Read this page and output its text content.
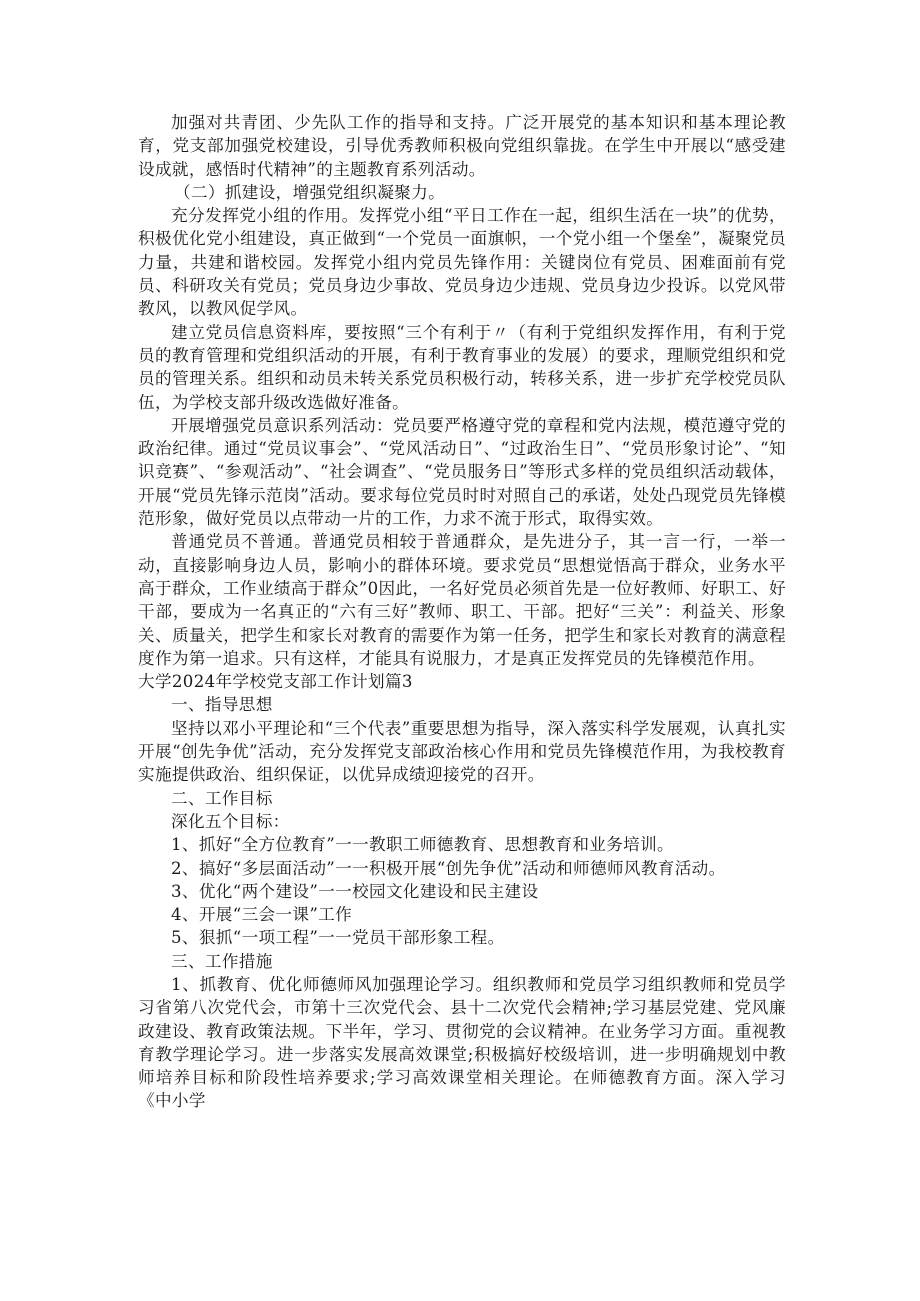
加强对共青团、少先队工作的指导和支持。广泛开展党的基本知识和基本理论教育，党支部加强党校建设，引导优秀教师积极向党组织靠拢。在学生中开展以“感受建设成就，感悟时代精神”的主题教育系列活动。

（二）抓建设，增强党组织凝聚力。

充分发挥党小组的作用。发挥党小组“平日工作在一起，组织生活在一块”的优势，积极优化党小组建设，真正做到“一个党员一面旗帜，一个党小组一个堡垒”，凝聚党员力量，共建和谐校园。发挥党小组内党员先锋作用：关键岗位有党员、困难面前有党员、科研攻关有党员；党员身边少事故、党员身边少违规、党员身边少投诉。以党风带教风，以教风促学风。

建立党员信息资料库，要按照“三个有利于〃（有利于党组织发挥作用，有利于党员的教育管理和党组织活动的开展，有利于教育事业的发展）的要求，理顺党组织和党员的管理关系。组织和动员未转关系党员积极行动，转移关系，进一步扩充学校党员队伍，为学校支部升级改选做好准备。

开展增强党员意识系列活动：党员要严格遵守党的章程和党内法规，模范遵守党的政治纪律。通过“党员议事会”、“党风活动日”、“过政治生日”、“党员形象讨论”、“知识竞赛”、“参观活动”、“社会调查”、“党员服务日”等形式多样的党员组织活动载体，开展“党员先锋示范岗”活动。要求每位党员时时对照自己的承诺，处处凸现党员先锋模范形象，做好党员以点带动一片的工作，力求不流于形式，取得实效。

普通党员不普通。普通党员相较于普通群众，是先进分子，其一言一行，一举一动，直接影响身边人员，影响小的群体环境。要求党员“思想觉悟高于群众，业务水平高于群众，工作业绩高于群众”0因此，一名好党员必须首先是一位好教师、好职工、好干部，要成为一名真正的“六有三好”教师、职工、干部。把好“三关”：利益关、形象关、质量关，把学生和家长对教育的需要作为第一任务，把学生和家长对教育的满意程度作为第一追求。只有这样，才能具有说服力，才是真正发挥党员的先锋模范作用。

大学2024年学校党支部工作计划篇3

一、指导思想

坚持以邓小平理论和“三个代表”重要思想为指导，深入落实科学发展观，认真扎实开展“创先争优”活动，充分发挥党支部政治核心作用和党员先锋模范作用，为我校教育实施提供政治、组织保证，以优异成绩迎接党的召开。

二、工作目标

深化五个目标：

1、抓好“全方位教育”一一教职工师德教育、思想教育和业务培训。

2、搞好“多层面活动”一一积极开展“创先争优”活动和师德师风教育活动。

3、优化“两个建设”一一校园文化建设和民主建设

4、开展“三会一课”工作

5、狠抓“一项工程”一一党员干部形象工程。

三、工作措施

1、抓教育、优化师德师风加强理论学习。组织教师和党员学习组织教师和党员学习省第八次党代会，市第十三次党代会、县十二次党代会精神;学习基层党建、党风廉政建设、教育政策法规。下半年，学习、贯彻党的会议精神。在业务学习方面。重视教育教学理论学习。进一步落实发展高效课堂;积极搞好校级培训，进一步明确规划中教师培养目标和阶段性培养要求;学习高效课堂相关理论。在师德教育方面。深入学习《中小学
